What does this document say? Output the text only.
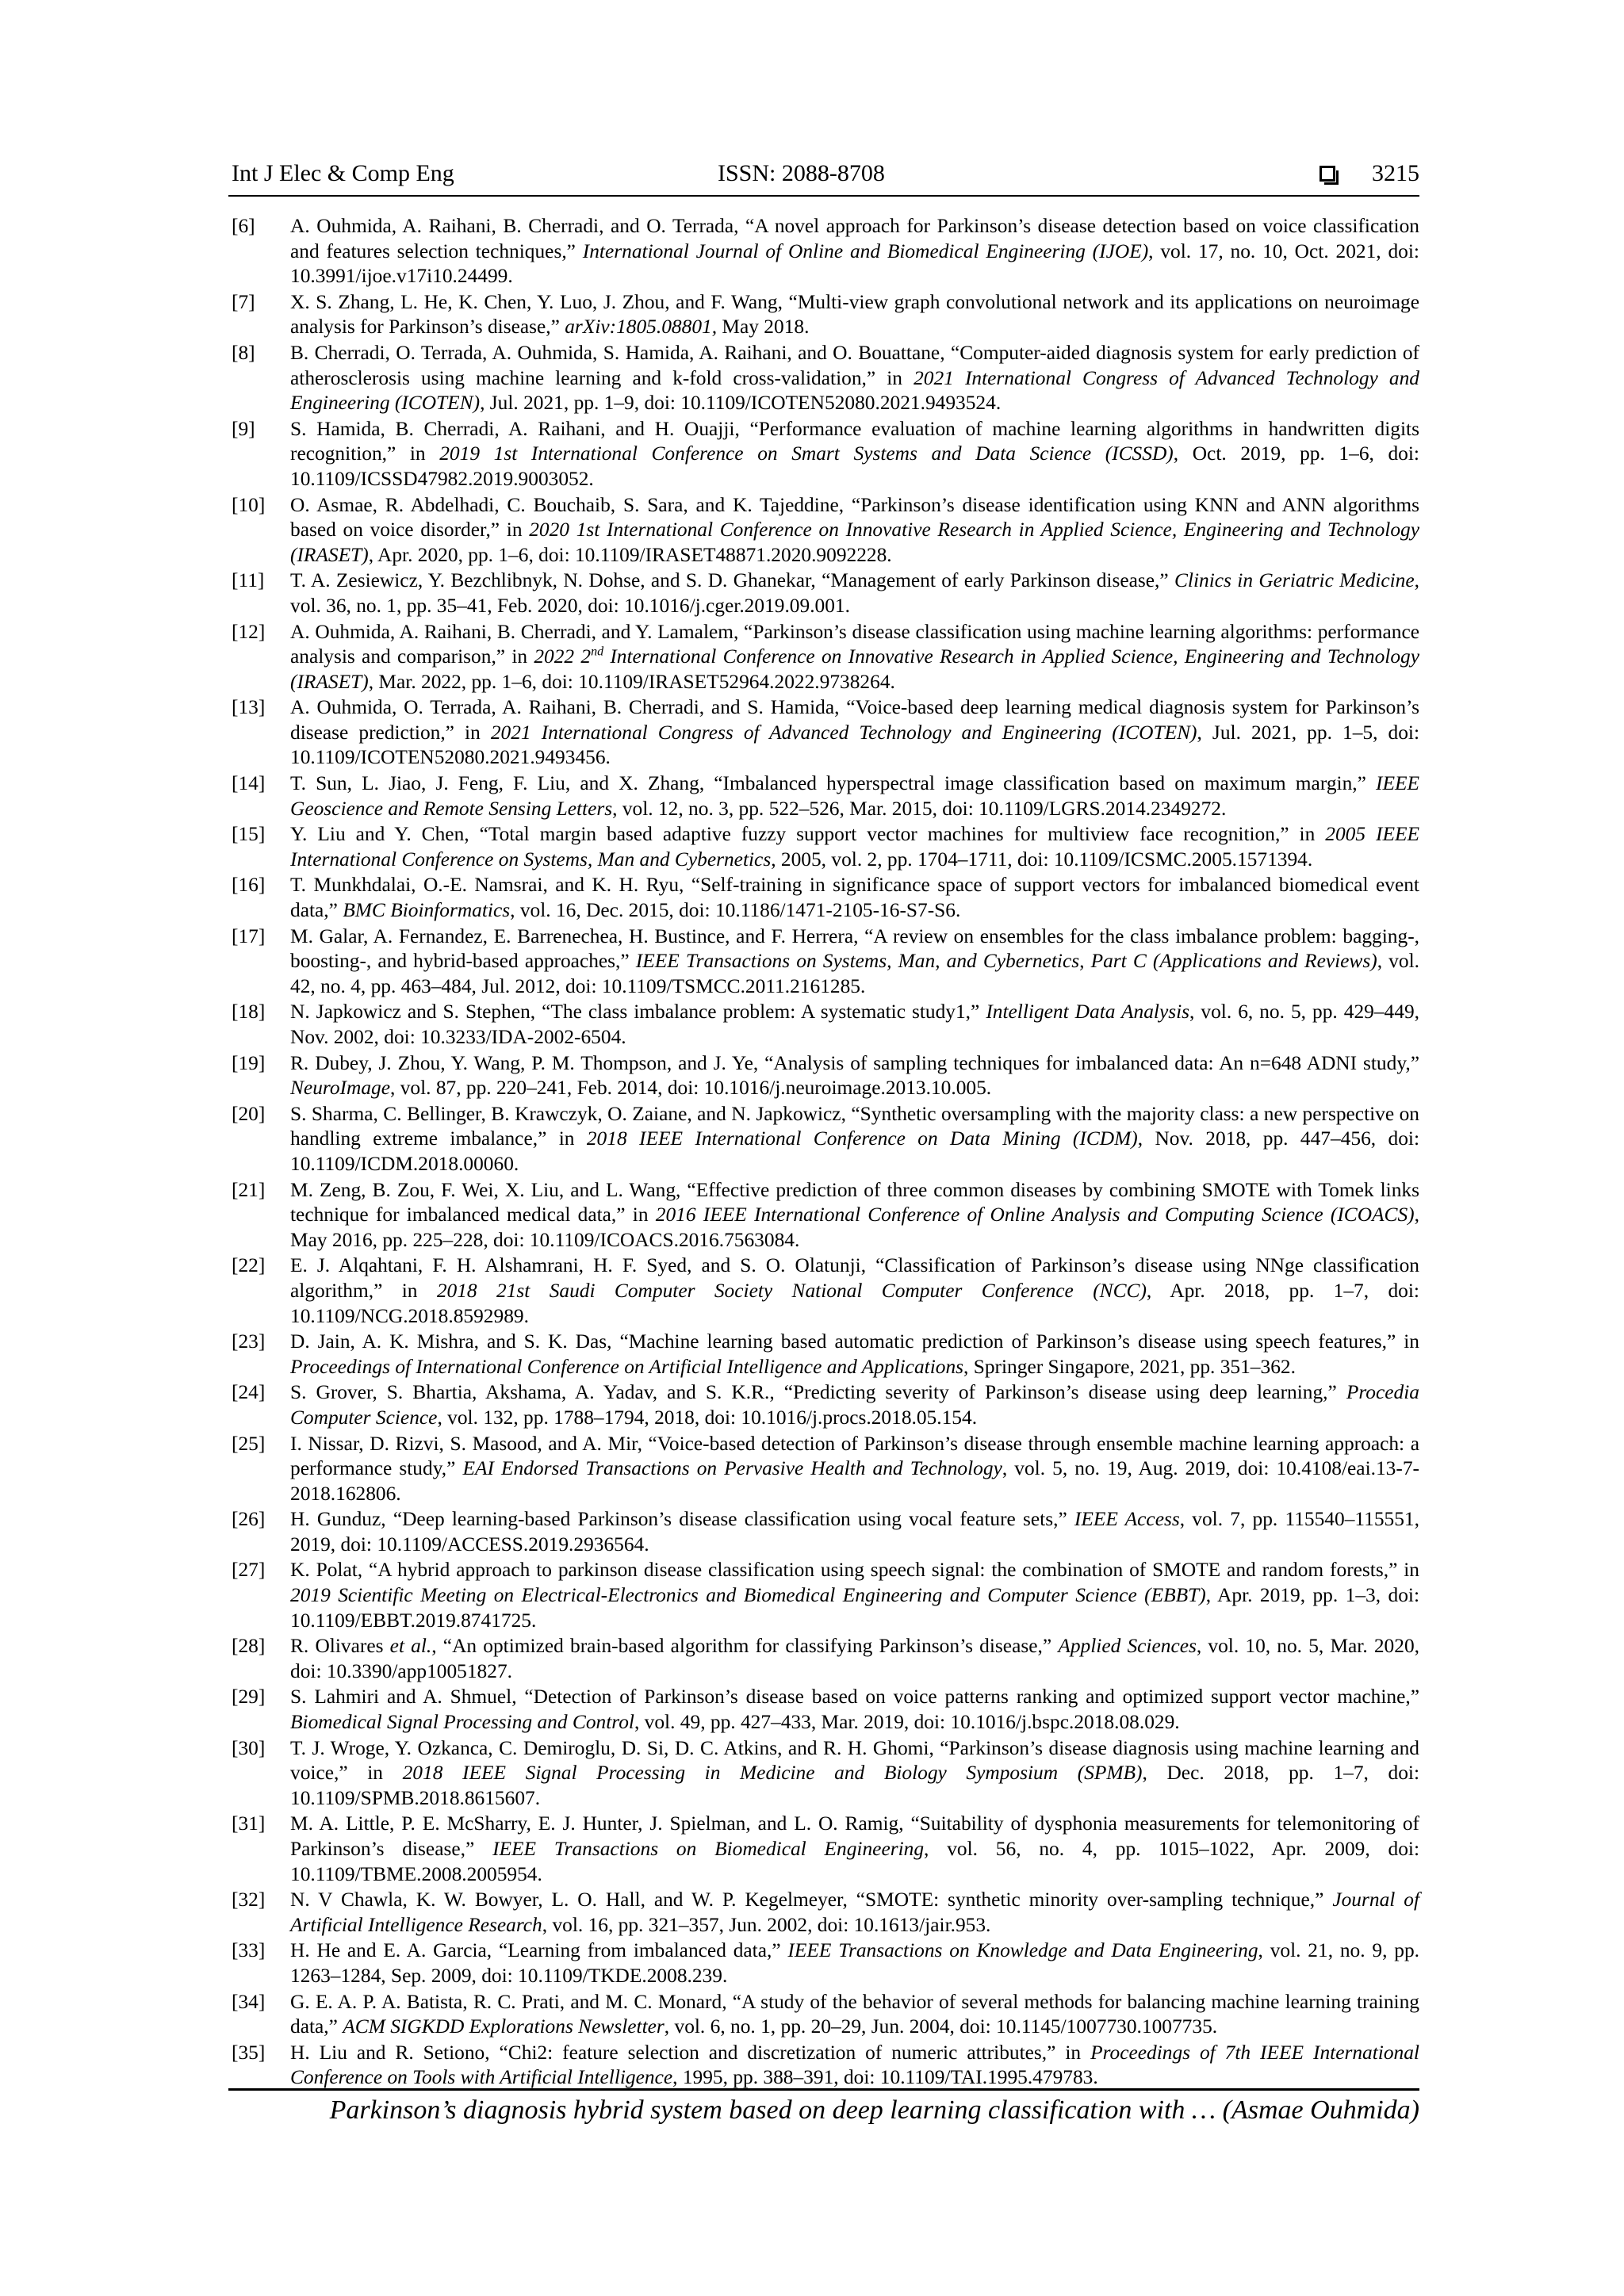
Int J Elec & Comp Eng	ISSN: 2088-8708	3215
[6]	A. Ouhmida, A. Raihani, B. Cherradi, and O. Terrada, “A novel approach for Parkinson’s disease detection based on voice classification and features selection techniques,” International Journal of Online and Biomedical Engineering (IJOE), vol. 17, no. 10, Oct. 2021, doi: 10.3991/ijoe.v17i10.24499.
[7]	X. S. Zhang, L. He, K. Chen, Y. Luo, J. Zhou, and F. Wang, “Multi-view graph convolutional network and its applications on neuroimage analysis for Parkinson’s disease,” arXiv:1805.08801, May 2018.
[8]	B. Cherradi, O. Terrada, A. Ouhmida, S. Hamida, A. Raihani, and O. Bouattane, “Computer-aided diagnosis system for early prediction of atherosclerosis using machine learning and k-fold cross-validation,” in 2021 International Congress of Advanced Technology and Engineering (ICOTEN), Jul. 2021, pp. 1–9, doi: 10.1109/ICOTEN52080.2021.9493524.
[9]	S. Hamida, B. Cherradi, A. Raihani, and H. Ouajji, “Performance evaluation of machine learning algorithms in handwritten digits recognition,” in 2019 1st International Conference on Smart Systems and Data Science (ICSSD), Oct. 2019, pp. 1–6, doi: 10.1109/ICSSD47982.2019.9003052.
[10]	O. Asmae, R. Abdelhadi, C. Bouchaib, S. Sara, and K. Tajeddine, “Parkinson’s disease identification using KNN and ANN algorithms based on voice disorder,” in 2020 1st International Conference on Innovative Research in Applied Science, Engineering and Technology (IRASET), Apr. 2020, pp. 1–6, doi: 10.1109/IRASET48871.2020.9092228.
[11]	T. A. Zesiewicz, Y. Bezchlibnyk, N. Dohse, and S. D. Ghanekar, “Management of early Parkinson disease,” Clinics in Geriatric Medicine, vol. 36, no. 1, pp. 35–41, Feb. 2020, doi: 10.1016/j.cger.2019.09.001.
[12]	A. Ouhmida, A. Raihani, B. Cherradi, and Y. Lamalem, “Parkinson’s disease classification using machine learning algorithms: performance analysis and comparison,” in 2022 2nd International Conference on Innovative Research in Applied Science, Engineering and Technology (IRASET), Mar. 2022, pp. 1–6, doi: 10.1109/IRASET52964.2022.9738264.
[13]	A. Ouhmida, O. Terrada, A. Raihani, B. Cherradi, and S. Hamida, “Voice-based deep learning medical diagnosis system for Parkinson’s disease prediction,” in 2021 International Congress of Advanced Technology and Engineering (ICOTEN), Jul. 2021, pp. 1–5, doi: 10.1109/ICOTEN52080.2021.9493456.
[14]	T. Sun, L. Jiao, J. Feng, F. Liu, and X. Zhang, “Imbalanced hyperspectral image classification based on maximum margin,” IEEE Geoscience and Remote Sensing Letters, vol. 12, no. 3, pp. 522–526, Mar. 2015, doi: 10.1109/LGRS.2014.2349272.
[15]	Y. Liu and Y. Chen, “Total margin based adaptive fuzzy support vector machines for multiview face recognition,” in 2005 IEEE International Conference on Systems, Man and Cybernetics, 2005, vol. 2, pp. 1704–1711, doi: 10.1109/ICSMC.2005.1571394.
[16]	T. Munkhdalai, O.-E. Namsrai, and K. H. Ryu, “Self-training in significance space of support vectors for imbalanced biomedical event data,” BMC Bioinformatics, vol. 16, Dec. 2015, doi: 10.1186/1471-2105-16-S7-S6.
[17]	M. Galar, A. Fernandez, E. Barrenechea, H. Bustince, and F. Herrera, “A review on ensembles for the class imbalance problem: bagging-, boosting-, and hybrid-based approaches,” IEEE Transactions on Systems, Man, and Cybernetics, Part C (Applications and Reviews), vol. 42, no. 4, pp. 463–484, Jul. 2012, doi: 10.1109/TSMCC.2011.2161285.
[18]	N. Japkowicz and S. Stephen, “The class imbalance problem: A systematic study1,” Intelligent Data Analysis, vol. 6, no. 5, pp. 429–449, Nov. 2002, doi: 10.3233/IDA-2002-6504.
[19]	R. Dubey, J. Zhou, Y. Wang, P. M. Thompson, and J. Ye, “Analysis of sampling techniques for imbalanced data: An n=648 ADNI study,” NeuroImage, vol. 87, pp. 220–241, Feb. 2014, doi: 10.1016/j.neuroimage.2013.10.005.
[20]	S. Sharma, C. Bellinger, B. Krawczyk, O. Zaiane, and N. Japkowicz, “Synthetic oversampling with the majority class: a new perspective on handling extreme imbalance,” in 2018 IEEE International Conference on Data Mining (ICDM), Nov. 2018, pp. 447–456, doi: 10.1109/ICDM.2018.00060.
[21]	M. Zeng, B. Zou, F. Wei, X. Liu, and L. Wang, “Effective prediction of three common diseases by combining SMOTE with Tomek links technique for imbalanced medical data,” in 2016 IEEE International Conference of Online Analysis and Computing Science (ICOACS), May 2016, pp. 225–228, doi: 10.1109/ICOACS.2016.7563084.
[22]	E. J. Alqahtani, F. H. Alshamrani, H. F. Syed, and S. O. Olatunji, “Classification of Parkinson’s disease using NNge classification algorithm,” in 2018 21st Saudi Computer Society National Computer Conference (NCC), Apr. 2018, pp. 1–7, doi: 10.1109/NCG.2018.8592989.
[23]	D. Jain, A. K. Mishra, and S. K. Das, “Machine learning based automatic prediction of Parkinson’s disease using speech features,” in Proceedings of International Conference on Artificial Intelligence and Applications, Springer Singapore, 2021, pp. 351–362.
[24]	S. Grover, S. Bhartia, Akshama, A. Yadav, and S. K.R., “Predicting severity of Parkinson’s disease using deep learning,” Procedia Computer Science, vol. 132, pp. 1788–1794, 2018, doi: 10.1016/j.procs.2018.05.154.
[25]	I. Nissar, D. Rizvi, S. Masood, and A. Mir, “Voice-based detection of Parkinson’s disease through ensemble machine learning approach: a performance study,” EAI Endorsed Transactions on Pervasive Health and Technology, vol. 5, no. 19, Aug. 2019, doi: 10.4108/eai.13-7-2018.162806.
[26]	H. Gunduz, “Deep learning-based Parkinson’s disease classification using vocal feature sets,” IEEE Access, vol. 7, pp. 115540–115551, 2019, doi: 10.1109/ACCESS.2019.2936564.
[27]	K. Polat, “A hybrid approach to parkinson disease classification using speech signal: the combination of SMOTE and random forests,” in 2019 Scientific Meeting on Electrical-Electronics and Biomedical Engineering and Computer Science (EBBT), Apr. 2019, pp. 1–3, doi: 10.1109/EBBT.2019.8741725.
[28]	R. Olivares et al., “An optimized brain-based algorithm for classifying Parkinson’s disease,” Applied Sciences, vol. 10, no. 5, Mar. 2020, doi: 10.3390/app10051827.
[29]	S. Lahmiri and A. Shmuel, “Detection of Parkinson’s disease based on voice patterns ranking and optimized support vector machine,” Biomedical Signal Processing and Control, vol. 49, pp. 427–433, Mar. 2019, doi: 10.1016/j.bspc.2018.08.029.
[30]	T. J. Wroge, Y. Ozkanca, C. Demiroglu, D. Si, D. C. Atkins, and R. H. Ghomi, “Parkinson’s disease diagnosis using machine learning and voice,” in 2018 IEEE Signal Processing in Medicine and Biology Symposium (SPMB), Dec. 2018, pp. 1–7, doi: 10.1109/SPMB.2018.8615607.
[31]	M. A. Little, P. E. McSharry, E. J. Hunter, J. Spielman, and L. O. Ramig, “Suitability of dysphonia measurements for telemonitoring of Parkinson’s disease,” IEEE Transactions on Biomedical Engineering, vol. 56, no. 4, pp. 1015–1022, Apr. 2009, doi: 10.1109/TBME.2008.2005954.
[32]	N. V Chawla, K. W. Bowyer, L. O. Hall, and W. P. Kegelmeyer, “SMOTE: synthetic minority over-sampling technique,” Journal of Artificial Intelligence Research, vol. 16, pp. 321–357, Jun. 2002, doi: 10.1613/jair.953.
[33]	H. He and E. A. Garcia, “Learning from imbalanced data,” IEEE Transactions on Knowledge and Data Engineering, vol. 21, no. 9, pp. 1263–1284, Sep. 2009, doi: 10.1109/TKDE.2008.239.
[34]	G. E. A. P. A. Batista, R. C. Prati, and M. C. Monard, “A study of the behavior of several methods for balancing machine learning training data,” ACM SIGKDD Explorations Newsletter, vol. 6, no. 1, pp. 20–29, Jun. 2004, doi: 10.1145/1007730.1007735.
[35]	H. Liu and R. Setiono, “Chi2: feature selection and discretization of numeric attributes,” in Proceedings of 7th IEEE International Conference on Tools with Artificial Intelligence, 1995, pp. 388–391, doi: 10.1109/TAI.1995.479783.
Parkinson’s diagnosis hybrid system based on deep learning classification with … (Asmae Ouhmida)
